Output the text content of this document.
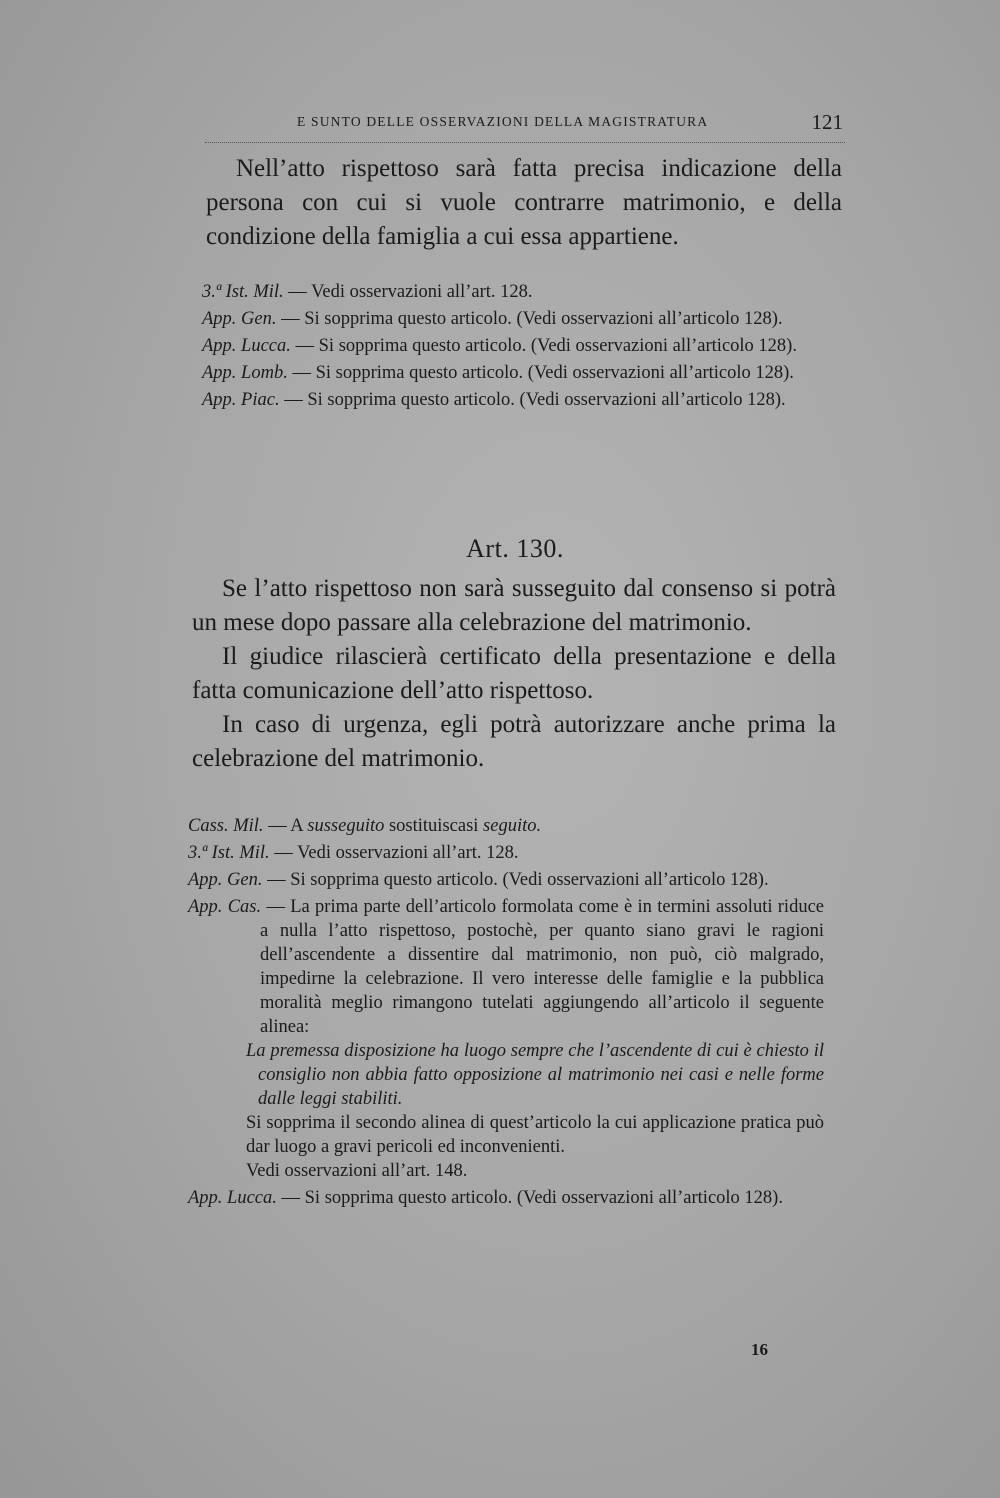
E SUNTO DELLE OSSERVAZIONI DELLA MAGISTRATURA	121

Nell’atto rispettoso sarà fatta precisa indicazione della persona con cui si vuole contrarre matrimonio, e della condizione della famiglia a cui essa appartiene.

3.ª Ist. Mil. — Vedi osservazioni all’art. 128.

App. Gen. — Si sopprima questo articolo. (Vedi osservazioni all’articolo 128).

App. Lucca. — Si sopprima questo articolo. (Vedi osservazioni all’articolo 128).

App. Lomb. — Si sopprima questo articolo. (Vedi osservazioni all’articolo 128).

App. Piac. — Si sopprima questo articolo. (Vedi osservazioni all’articolo 128).

Art. 130.

Se l’atto rispettoso non sarà susseguito dal consenso si potrà un mese dopo passare alla celebrazione del matrimonio.

Il giudice rilascierà certificato della presentazione e della fatta comunicazione dell’atto rispettoso.

In caso di urgenza, egli potrà autorizzare anche prima la celebrazione del matrimonio.

Cass. Mil. — A susseguito sostituiscasi seguito.

3.ª Ist. Mil. — Vedi osservazioni all’art. 128.

App. Gen. — Si sopprima questo articolo. (Vedi osservazioni all’articolo 128).

App. Cas. — La prima parte dell’articolo formolata come è in termini assoluti riduce a nulla l’atto rispettoso, postochè, per quanto siano gravi le ragioni dell’ascendente a dissentire dal matrimonio, non può, ciò malgrado, impedirne la celebrazione. Il vero interesse delle famiglie e la pubblica moralità meglio rimangono tutelati aggiungendo all’articolo il seguente alinea:

La premessa disposizione ha luogo sempre che l’ascendente di cui è chiesto il consiglio non abbia fatto opposizione al matrimonio nei casi e nelle forme dalle leggi stabiliti.

Si sopprima il secondo alinea di quest’articolo la cui applicazione pratica può dar luogo a gravi pericoli ed inconvenienti.

Vedi osservazioni all’art. 148.

App. Lucca. — Si sopprima questo articolo. (Vedi osservazioni all’articolo 128).

16
